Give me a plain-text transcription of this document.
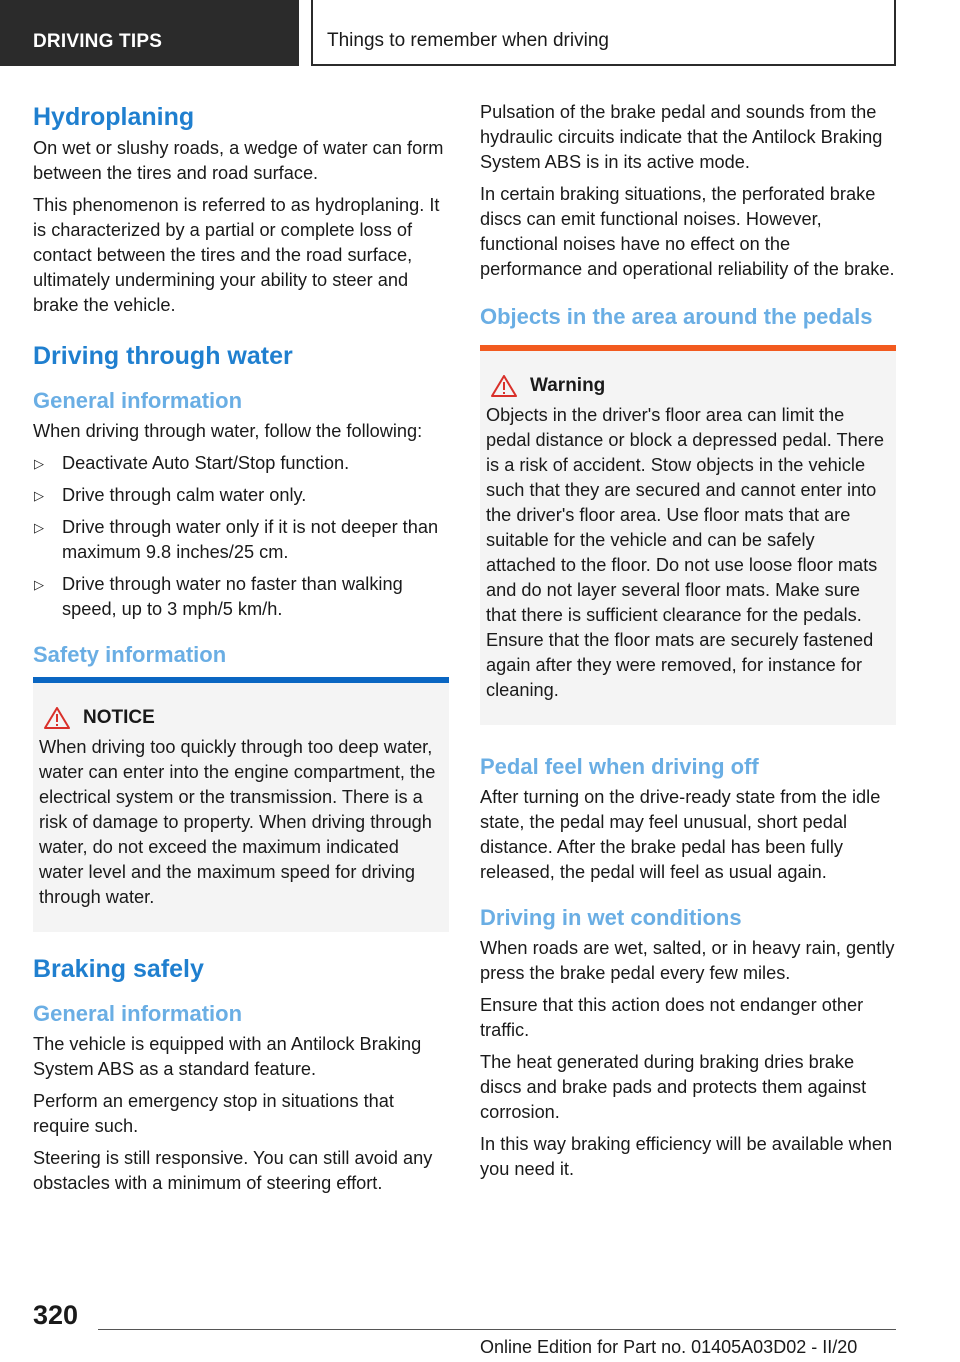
DRIVING TIPS	Things to remember when driving
Hydroplaning

On wet or slushy roads, a wedge of water can form between the tires and road surface.

This phenomenon is referred to as hydroplaning. It is characterized by a partial or complete loss of contact between the tires and the road surface, ultimately undermining your ability to steer and brake the vehicle.

Driving through water
General information

When driving through water, follow the following:

▷ Deactivate Auto Start/Stop function.
▷ Drive through calm water only.
▷ Drive through water only if it is not deeper than maximum 9.8 inches/25 cm.
▷ Drive through water no faster than walking speed, up to 3 mph/5 km/h.
Safety information
NOTICE

When driving too quickly through too deep water, water can enter into the engine compartment, the electrical system or the transmission. There is a risk of damage to property. When driving through water, do not exceed the maximum indicated water level and the maximum speed for driving through water.

Braking safely
General information

The vehicle is equipped with an Antilock Braking System ABS as a standard feature.

Perform an emergency stop in situations that require such.

Steering is still responsive. You can still avoid any obstacles with a minimum of steering effort.

Pulsation of the brake pedal and sounds from the hydraulic circuits indicate that the Antilock Braking System ABS is in its active mode.

In certain braking situations, the perforated brake discs can emit functional noises. However, functional noises have no effect on the performance and operational reliability of the brake.

Objects in the area around the pedals
Warning

Objects in the driver's floor area can limit the pedal distance or block a depressed pedal. There is a risk of accident. Stow objects in the vehicle such that they are secured and cannot enter into the driver's floor area. Use floor mats that are suitable for the vehicle and can be safely attached to the floor. Do not use loose floor mats and do not layer several floor mats. Make sure that there is sufficient clearance for the pedals. Ensure that the floor mats are securely fastened again after they were removed, for instance for cleaning.

Pedal feel when driving off

After turning on the drive-ready state from the idle state, the pedal may feel unusual, short pedal distance. After the brake pedal has been fully released, the pedal will feel as usual again.

Driving in wet conditions

When roads are wet, salted, or in heavy rain, gently press the brake pedal every few miles.

Ensure that this action does not endanger other traffic.

The heat generated during braking dries brake discs and brake pads and protects them against corrosion.

In this way braking efficiency will be available when you need it.

320
Online Edition for Part no. 01405A03D02 - II/20
